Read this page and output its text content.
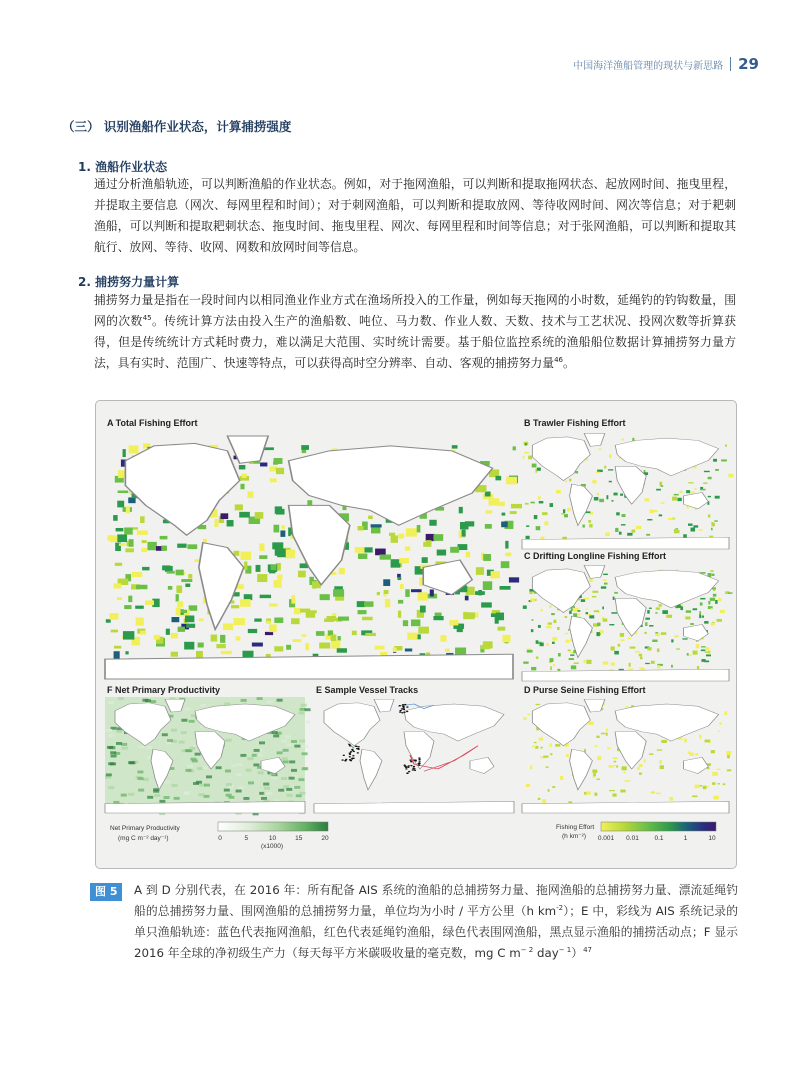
中国海洋渔船管理的现状与新思路 29
（三） 识别渔船作业状态，计算捕捞强度
1. 渔船作业状态
通过分析渔船轨迹，可以判断渔船的作业状态。例如，对于拖网渔船，可以判断和提取拖网状态、起放网时间、拖曳里程，并提取主要信息（网次、每网里程和时间）；对于刺网渔船，可以判断和提取放网、等待收网时间、网次等信息；对于耙刺渔船，可以判断和提取耙刺状态、拖曳时间、拖曳里程、网次、每网里程和时间等信息；对于张网渔船，可以判断和提取其航行、放网、等待、收网、网数和放网时间等信息。
2. 捕捞努力量计算
捕捞努力量是指在一段时间内以相同渔业作业方式在渔场所投入的工作量，例如每天拖网的小时数，延绳钓的钓钩数量，围网的次数$^{45}$。传统计算方法由投入生产的渔船数、吨位、马力数、作业人数、天数、技术与工艺状况、投网次数等折算获得，但是传统统计方式耗时费力，难以满足大范围、实时统计需要。基于船位监控系统的渔船船位数据计算捕捞努力量方法，具有实时、范围广、快速等特点，可以获得高时空分辨率、自动、客观的捕捞努力量$^{46}$。
A Total Fishing Effort	B Trawler Fishing Effort
C Drifting Longline Fishing Effort
F Net Primary Productivity	E Sample Vessel Tracks	D Purse Seine Fishing Effort
Net Primary Productivity
(mg C m⁻² day⁻¹)	0	5	10	15	20
(x1000)
Fishing Effort
(h km⁻²) 0.001 0.01 0.1	1	10
图 5	A 到 D 分别代表，在 2016 年：所有配备 AIS 系统的渔船的总捕捞努力量、拖网渔船的总捕捞努力量、漂流延绳钓船的总捕捞努力量、围网渔船的总捕捞努力量，单位均为小时 / 平方公里（h $km^{-2}$）；E 中，彩线为 AIS 系统记录的单只渔船轨迹：蓝色代表拖网渔船，红色代表延绳钓渔船，绿色代表围网渔船，黑点显示渔船的捕捞活动点；F 显示 2016 年全球的净初级生产力（每天每平方米碳吸收量的毫克数，mg C $m^{- 2}$ day$^{- 1}$）$^{47}$
